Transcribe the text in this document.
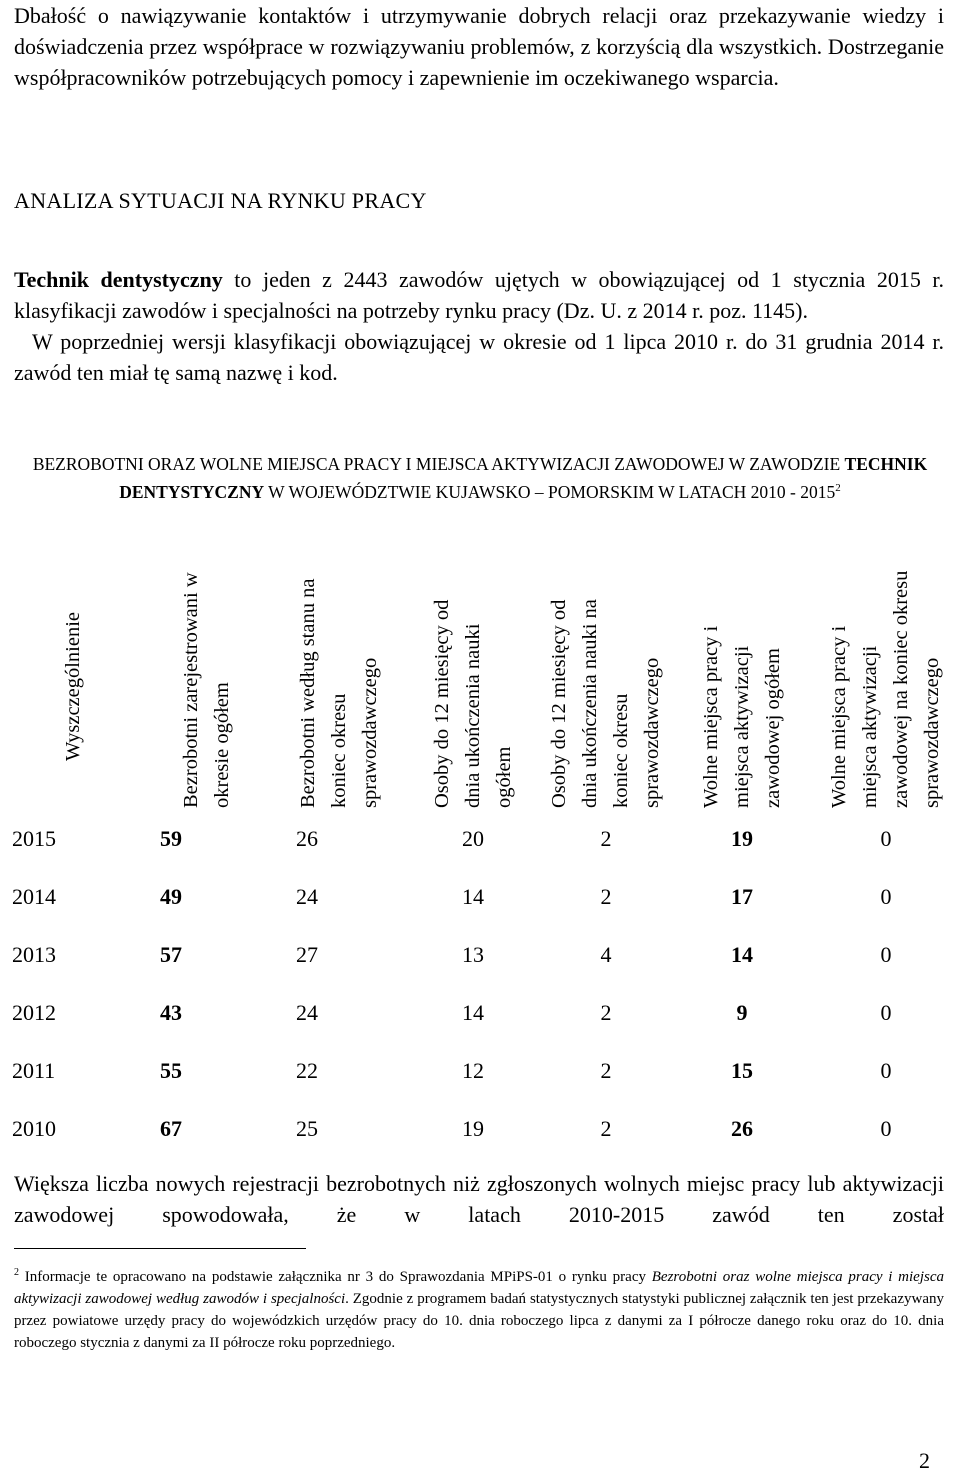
Dbałość o nawiązywanie kontaktów i utrzymywanie dobrych relacji oraz przekazywanie wiedzy i doświadczenia przez współprace w rozwiązywaniu problemów, z korzyścią dla wszystkich. Dostrzeganie współpracowników potrzebujących pomocy i zapewnienie im oczekiwanego wsparcia.
ANALIZA SYTUACJI NA RYNKU PRACY
Technik dentystyczny to jeden z 2443 zawodów ujętych w obowiązującej od 1 stycznia 2015 r. klasyfikacji zawodów i specjalności na potrzeby rynku pracy (Dz. U. z 2014 r. poz. 1145).
W poprzedniej wersji klasyfikacji obowiązującej w okresie od 1 lipca 2010 r. do 31 grudnia 2014 r. zawód ten miał tę samą nazwę i kod.
BEZROBOTNI ORAZ WOLNE MIEJSCA PRACY I MIEJSCA AKTYWIZACJI ZAWODOWEJ W ZAWODZIE TECHNIK DENTYSTYCZNY W WOJEWÓDZTWIE KUJAWSKO – POMORSKIM W LATACH 2010 - 2015$^2$
Wyszczególnienie	Bezrobotni zarejestrowani w okresie ogółem	Bezrobotni według stanu na koniec okresu sprawozdawczego	Osoby do 12 miesięcy od dnia ukończenia nauki ogółem	Osoby do 12 miesięcy od dnia ukończenia nauki na koniec okresu sprawozdawczego	Wolne miejsca pracy i miejsca aktywizacji zawodowej ogółem	Wolne miejsca pracy i miejsca aktywizacji zawodowej na koniec okresu sprawozdawczego

2015	59	26	20	2	19	0
2014	49	24	14	2	17	0
2013	57	27	13	4	14	0
2012	43	24	14	2	9	0
2011	55	22	12	2	15	0
2010	67	25	19	2	26	0
Większa liczba nowych rejestracji bezrobotnych niż zgłoszonych wolnych miejsc pracy lub aktywizacji zawodowej spowodowała, że w latach 2010-2015 zawód ten został
$^2$ Informacje te opracowano na podstawie załącznika nr 3 do Sprawozdania MPiPS-01 o rynku pracy Bezrobotni oraz wolne miejsca pracy i miejsca aktywizacji zawodowej według zawodów i specjalności. Zgodnie z programem badań statystycznych statystyki publicznej załącznik ten jest przekazywany przez powiatowe urzędy pracy do wojewódzkich urzędów pracy do 10. dnia roboczego lipca z danymi za I półrocze danego roku oraz do 10. dnia roboczego stycznia z danymi za II półrocze roku poprzedniego.
2
